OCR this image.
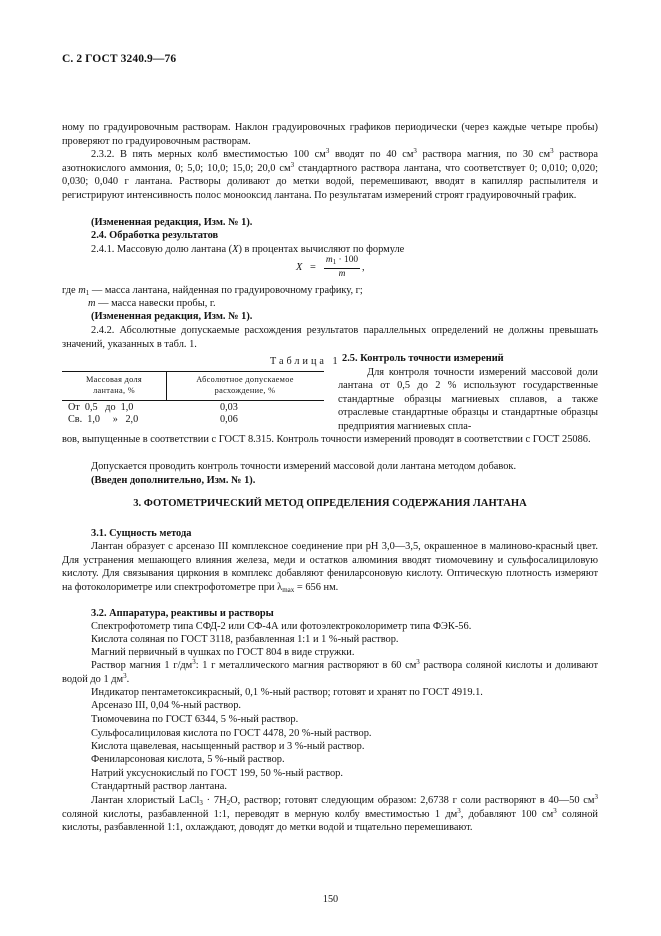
С. 2 ГОСТ 3240.9—76
ному по градуировочным растворам. Наклон градуировочных графиков периодически (через каждые четыре пробы) проверяют по градуировочным растворам.
2.3.2. В пять мерных колб вместимостью 100 $см^3$ вводят по 40 $см^3$ раствора магния, по 30 $см^3$ раствора азотнокислого аммония, 0; 5,0; 10,0; 15,0; 20,0 $см^3$ стандартного раствора лантана, что соответствует 0; 0,010; 0,020; 0,030; 0,040 г лантана. Растворы доливают до метки водой, перемешивают, вводят в капилляр распылителя и регистрируют интенсивность полос монооксид лантана. По результатам измерений строят градуировочный график.
(Измененная редакция, Изм. № 1).
2.4. Обработка результатов
2.4.1. Массовую долю лантана (X) в процентах вычисляют по формуле
X =
$m_1 \cdot 100$
m
,
где $m_1$ — масса лантана, найденная по градуировочному графику, г;
m — масса навески пробы, г.
(Измененная редакция, Изм. № 1).
2.4.2. Абсолютные допускаемые расхождения результатов параллельных определений не должны превышать значений, указанных в табл. 1.
Таблица 1
Массовая доля
лантана, %
Абсолютное допускаемое
расхождение, %
От  0,5   до  1,0	0,03
Св.  1,0     »   2,0	0,06
2.5. Контроль точности измерений
Для контроля точности измерений массовой доли лантана от 0,5 до 2 % используют государственные стандартные образцы магниевых сплавов, а также отраслевые стандартные образцы и стандартные образцы предприятия магниевых спла-
вов, выпущенные в соответствии с ГОСТ 8.315. Контроль точности измерений проводят в соответствии с ГОСТ 25086.
Допускается проводить контроль точности измерений массовой доли лантана методом добавок.
(Введен дополнительно, Изм. № 1).
3. ФОТОМЕТРИЧЕСКИЙ МЕТОД ОПРЕДЕЛЕНИЯ СОДЕРЖАНИЯ ЛАНТАНА
3.1. Сущность метода
Лантан образует с арсеназо III комплексное соединение при pH 3,0—3,5, окрашенное в малиново-красный цвет. Для устранения мешающего влияния железа, меди и остатков алюминия вводят тиомочевину и сульфосалициловую кислоту. Для связывания циркония в комплекс добавляют фениларсоновую кислоту. Оптическую плотность измеряют на фотоколориметре или спектрофотометре при $\lambda_{max} = 656$ нм.
3.2. Аппаратура, реактивы и растворы
Спектрофотометр типа СФД-2 или СФ-4А или фотоэлектроколориметр типа ФЭК-56.
Кислота соляная по ГОСТ 3118, разбавленная 1:1 и 1 %-ный раствор.
Магний первичный в чушках по ГОСТ 804 в виде стружки.
Раствор магния 1 $г/дм^3$: 1 г металлического магния растворяют в 60 $см^3$ раствора соляной кислоты и доливают водой до 1 $дм^3$.
Индикатор пентаметоксикрасный, 0,1 %-ный раствор; готовят и хранят по ГОСТ 4919.1.
Арсеназо III, 0,04 %-ный раствор.
Тиомочевина по ГОСТ 6344, 5 %-ный раствор.
Сульфосалициловая кислота по ГОСТ 4478, 20 %-ный раствор.
Кислота щавелевая, насыщенный раствор и 3 %-ный раствор.
Фениларсоновая кислота, 5 %-ный раствор.
Натрий уксуснокислый по ГОСТ 199, 50 %-ный раствор.
Стандартный раствор лантана.
Лантан хлористый LaCl$_3$ · $7H_2O$, раствор; готовят следующим образом: 2,6738 г соли растворяют в 40—50 $см^3$ соляной кислоты, разбавленной 1:1, переводят в мерную колбу вместимостью 1 $дм^3$, добавляют 100 $см^3$ соляной кислоты, разбавленной 1:1, охлаждают, доводят до метки водой и тщательно перемешивают.
150
